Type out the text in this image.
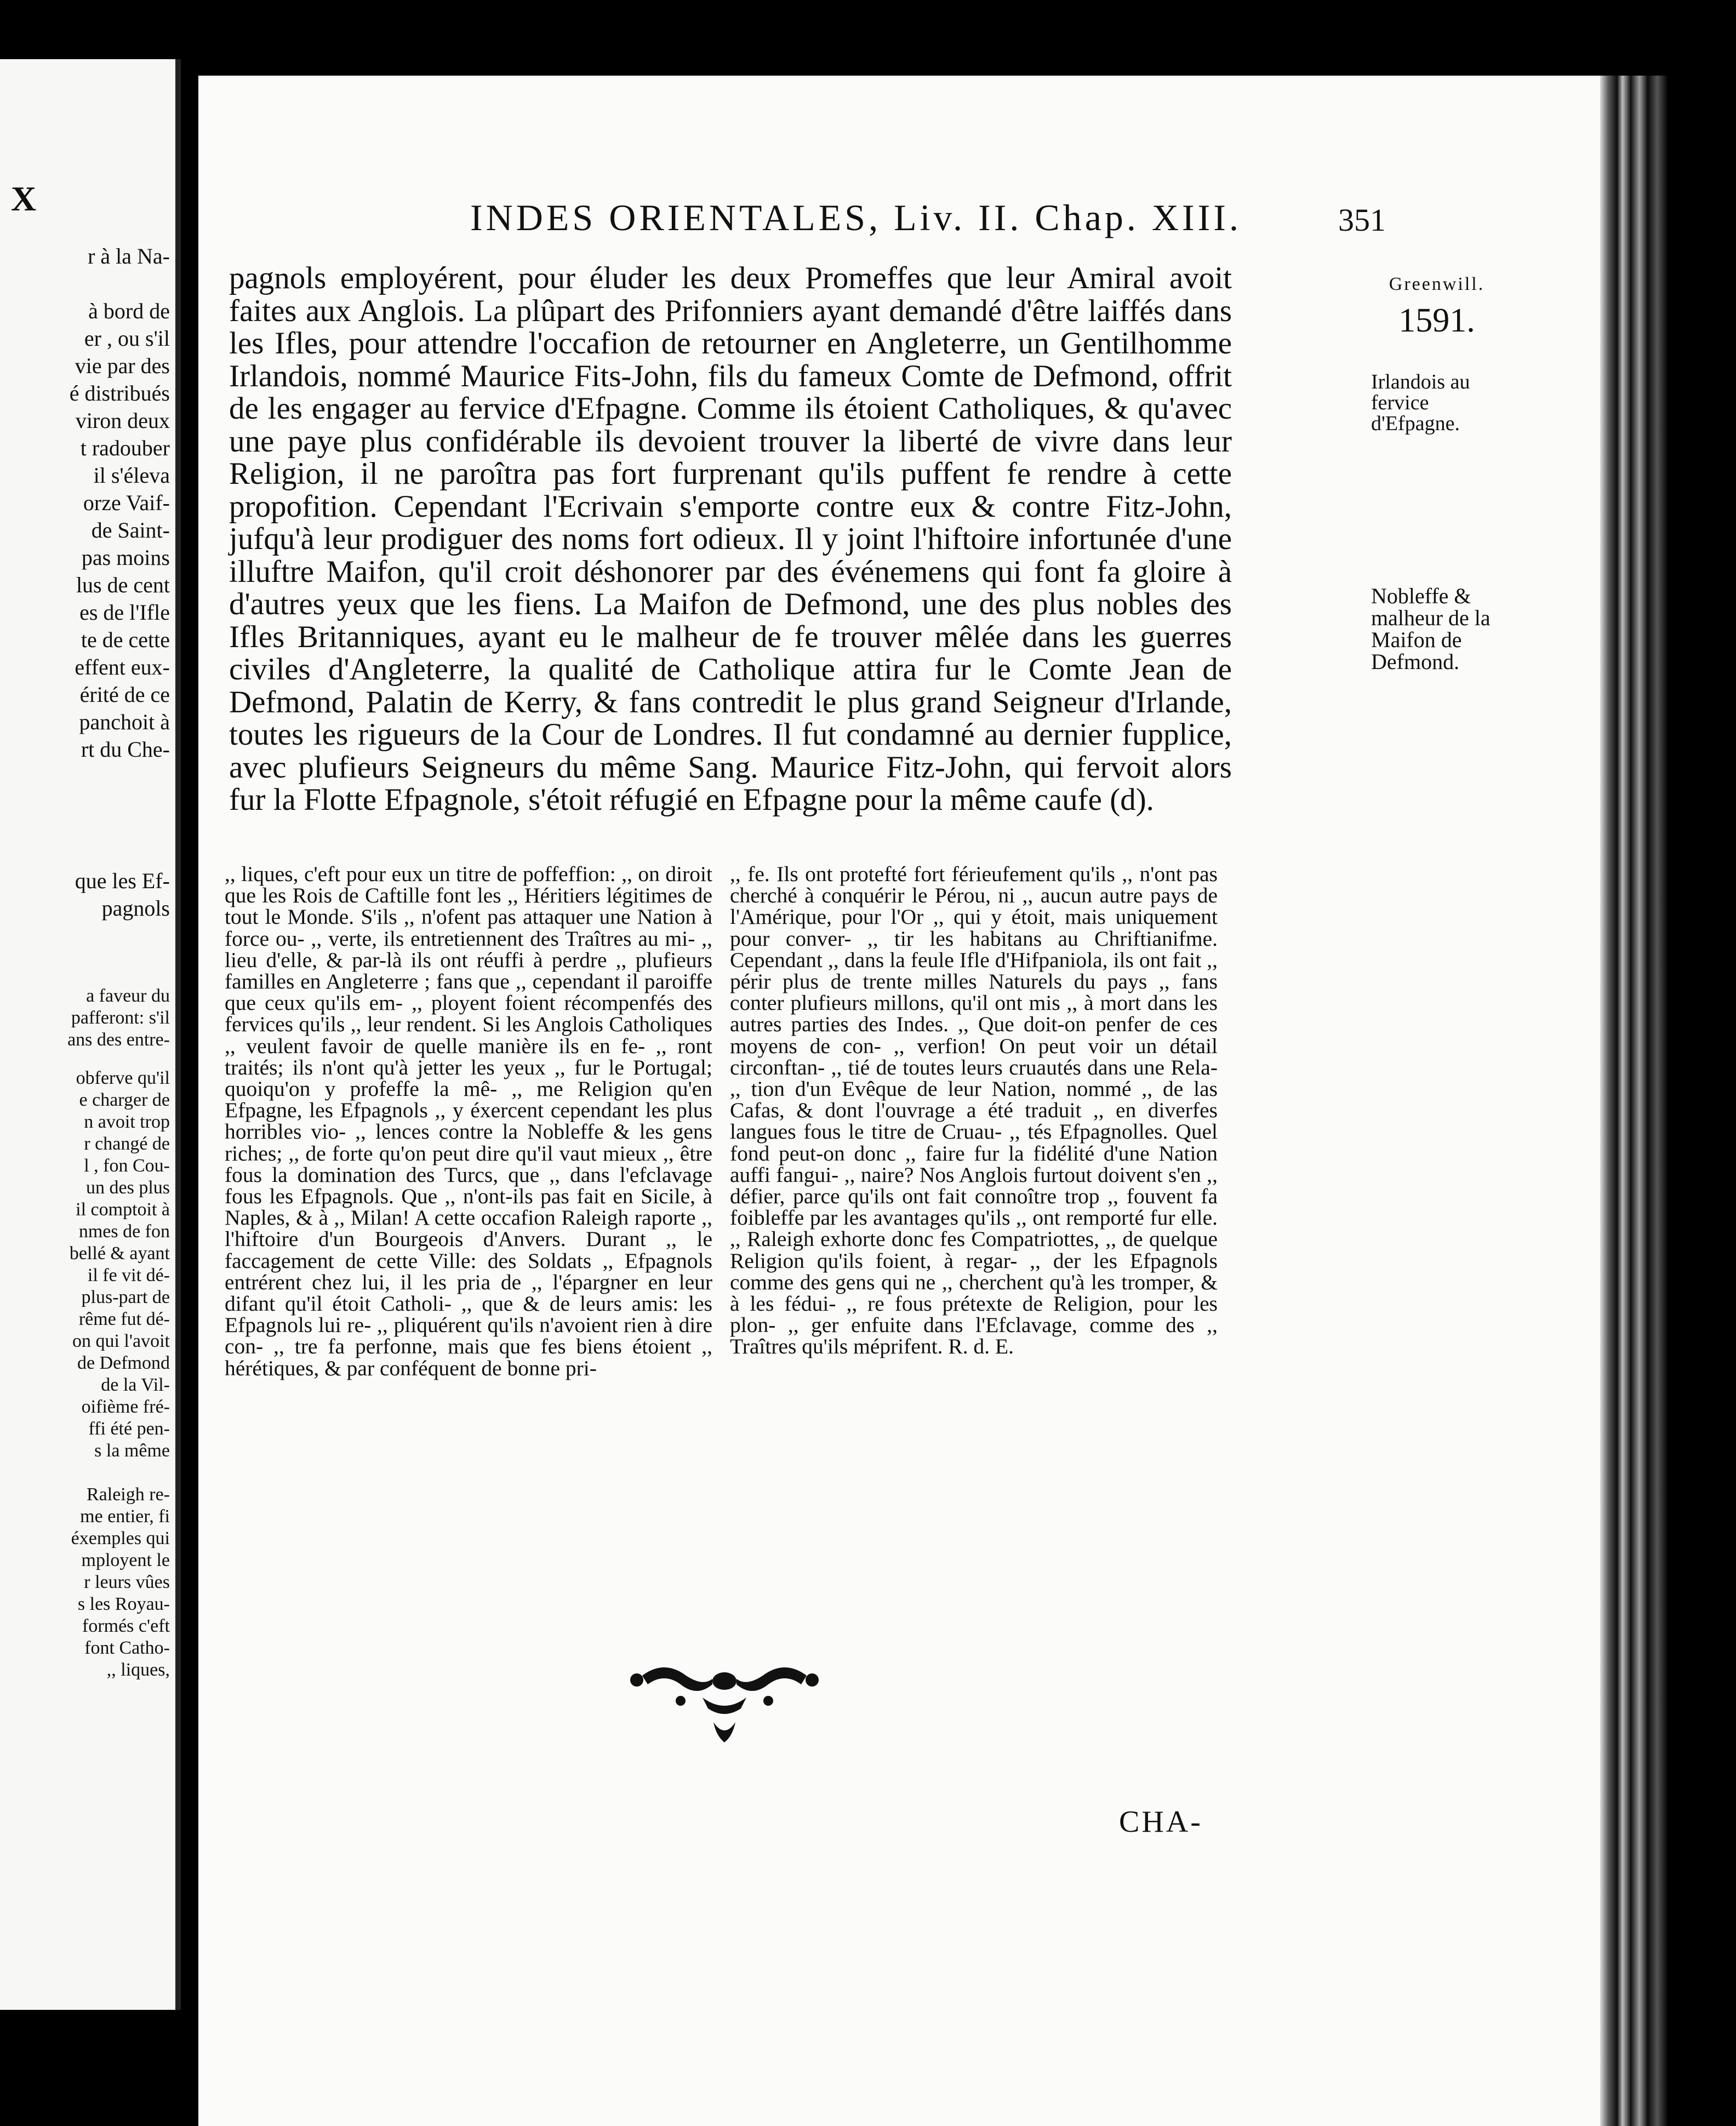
X
r à la Na-
à bord de
er , ou s'il
vie par des
é distribués
viron deux
t radouber
il s'éleva
orze Vaif-
de Saint-
pas moins
lus de cent
es de l'Ifle
te de cette
effent eux-
érité de ce
panchoit à
rt du Che-
que les Ef-
pagnols
a faveur du
pafferont: s'il
ans des entre-
obferve qu'il
e charger de
n avoit trop
r changé de
l , fon Cou-
un des plus
il comptoit à
nmes de fon
bellé & ayant
il fe vit dé-
plus-part de
rême fut dé-
on qui l'avoit
de Defmond
de la Vil-
oifième fré-
ffi été pen-
s la même
Raleigh re-
me entier, fi
éxemples qui
mployent le
r leurs vûes
s les Royau-
formés c'eft
font Catho-
,, liques,
INDES ORIENTALES, Liv. II. Chap. XIII.	351

pagnols employérent, pour éluder les deux Promeffes que leur Amiral avoit faites aux Anglois. La plûpart des Prifonniers ayant demandé d'être laiffés dans les Ifles, pour attendre l'occafion de retourner en Angleterre, un Gentilhomme Irlandois, nommé Maurice Fits-John, fils du fameux Comte de Defmond, offrit de les engager au fervice d'Efpagne. Comme ils étoient Catholiques, & qu'avec une paye plus confidérable ils devoient trouver la liberté de vivre dans leur Religion, il ne paroîtra pas fort furprenant qu'ils puffent fe rendre à cette propofition. Cependant l'Ecrivain s'emporte contre eux & contre Fitz-John, jufqu'à leur prodiguer des noms fort odieux. Il y joint l'hiftoire infortunée d'une illuftre Maifon, qu'il croit déshonorer par des événemens qui font fa gloire à d'autres yeux que les fiens. La Maifon de Defmond, une des plus nobles des Ifles Britanniques, ayant eu le malheur de fe trouver mêlée dans les guerres civiles d'Angleterre, la qualité de Catholique attira fur le Comte Jean de Defmond, Palatin de Kerry, & fans contredit le plus grand Seigneur d'Irlande, toutes les rigueurs de la Cour de Londres. Il fut condamné au dernier fupplice, avec plufieurs Seigneurs du même Sang. Maurice Fitz-John, qui fervoit alors fur la Flotte Efpagnole, s'étoit réfugié en Efpagne pour la même caufe (d).

Greenwill.
1591.
Irlandois au fervice d'Efpagne.
Nobleffe & malheur de la Maifon de Defmond.

,, liques, c'eft pour eux un titre de poffeffion: ,, on diroit que les Rois de Caftille font les ,, Héritiers légitimes de tout le Monde. S'ils ,, n'ofent pas attaquer une Nation à force ou- ,, verte, ils entretiennent des Traîtres au mi- ,, lieu d'elle, & par-là ils ont réuffi à perdre ,, plufieurs familles en Angleterre ; fans que ,, cependant il paroiffe que ceux qu'ils em- ,, ployent foient récompenfés des fervices qu'ils ,, leur rendent. Si les Anglois Catholiques ,, veulent favoir de quelle manière ils en fe- ,, ront traités; ils n'ont qu'à jetter les yeux ,, fur le Portugal; quoiqu'on y profeffe la mê- ,, me Religion qu'en Efpagne, les Efpagnols ,, y éxercent cependant les plus horribles vio- ,, lences contre la Nobleffe & les gens riches; ,, de forte qu'on peut dire qu'il vaut mieux ,, être fous la domination des Turcs, que ,, dans l'efclavage fous les Efpagnols. Que ,, n'ont-ils pas fait en Sicile, à Naples, & à ,, Milan! A cette occafion Raleigh raporte ,, l'hiftoire d'un Bourgeois d'Anvers. Durant ,, le faccagement de cette Ville: des Soldats ,, Efpagnols entrérent chez lui, il les pria de ,, l'épargner en leur difant qu'il étoit Catholi- ,, que & de leurs amis: les Efpagnols lui re- ,, pliquérent qu'ils n'avoient rien à dire con- ,, tre fa perfonne, mais que fes biens étoient ,, hérétiques, & par conféquent de bonne pri-

,, fe. Ils ont protefté fort férieufement qu'ils ,, n'ont pas cherché à conquérir le Pérou, ni ,, aucun autre pays de l'Amérique, pour l'Or ,, qui y étoit, mais uniquement pour conver- ,, tir les habitans au Chriftianifme. Cependant ,, dans la feule Ifle d'Hifpaniola, ils ont fait ,, périr plus de trente milles Naturels du pays ,, fans conter plufieurs millons, qu'il ont mis ,, à mort dans les autres parties des Indes. ,, Que doit-on penfer de ces moyens de con- ,, verfion! On peut voir un détail circonftan- ,, tié de toutes leurs cruautés dans une Rela- ,, tion d'un Evêque de leur Nation, nommé ,, de las Cafas, & dont l'ouvrage a été traduit ,, en diverfes langues fous le titre de Cruau- ,, tés Efpagnolles. Quel fond peut-on donc ,, faire fur la fidélité d'une Nation auffi fangui- ,, naire? Nos Anglois furtout doivent s'en ,, défier, parce qu'ils ont fait connoître trop ,, fouvent fa foibleffe par les avantages qu'ils ,, ont remporté fur elle. ,, Raleigh exhorte donc fes Compatriottes, ,, de quelque Religion qu'ils foient, à regar- ,, der les Efpagnols comme des gens qui ne ,, cherchent qu'à les tromper, & à les fédui- ,, re fous prétexte de Religion, pour les plon- ,, ger enfuite dans l'Efclavage, comme des ,, Traîtres qu'ils méprifent. R. d. E.

CHA-
